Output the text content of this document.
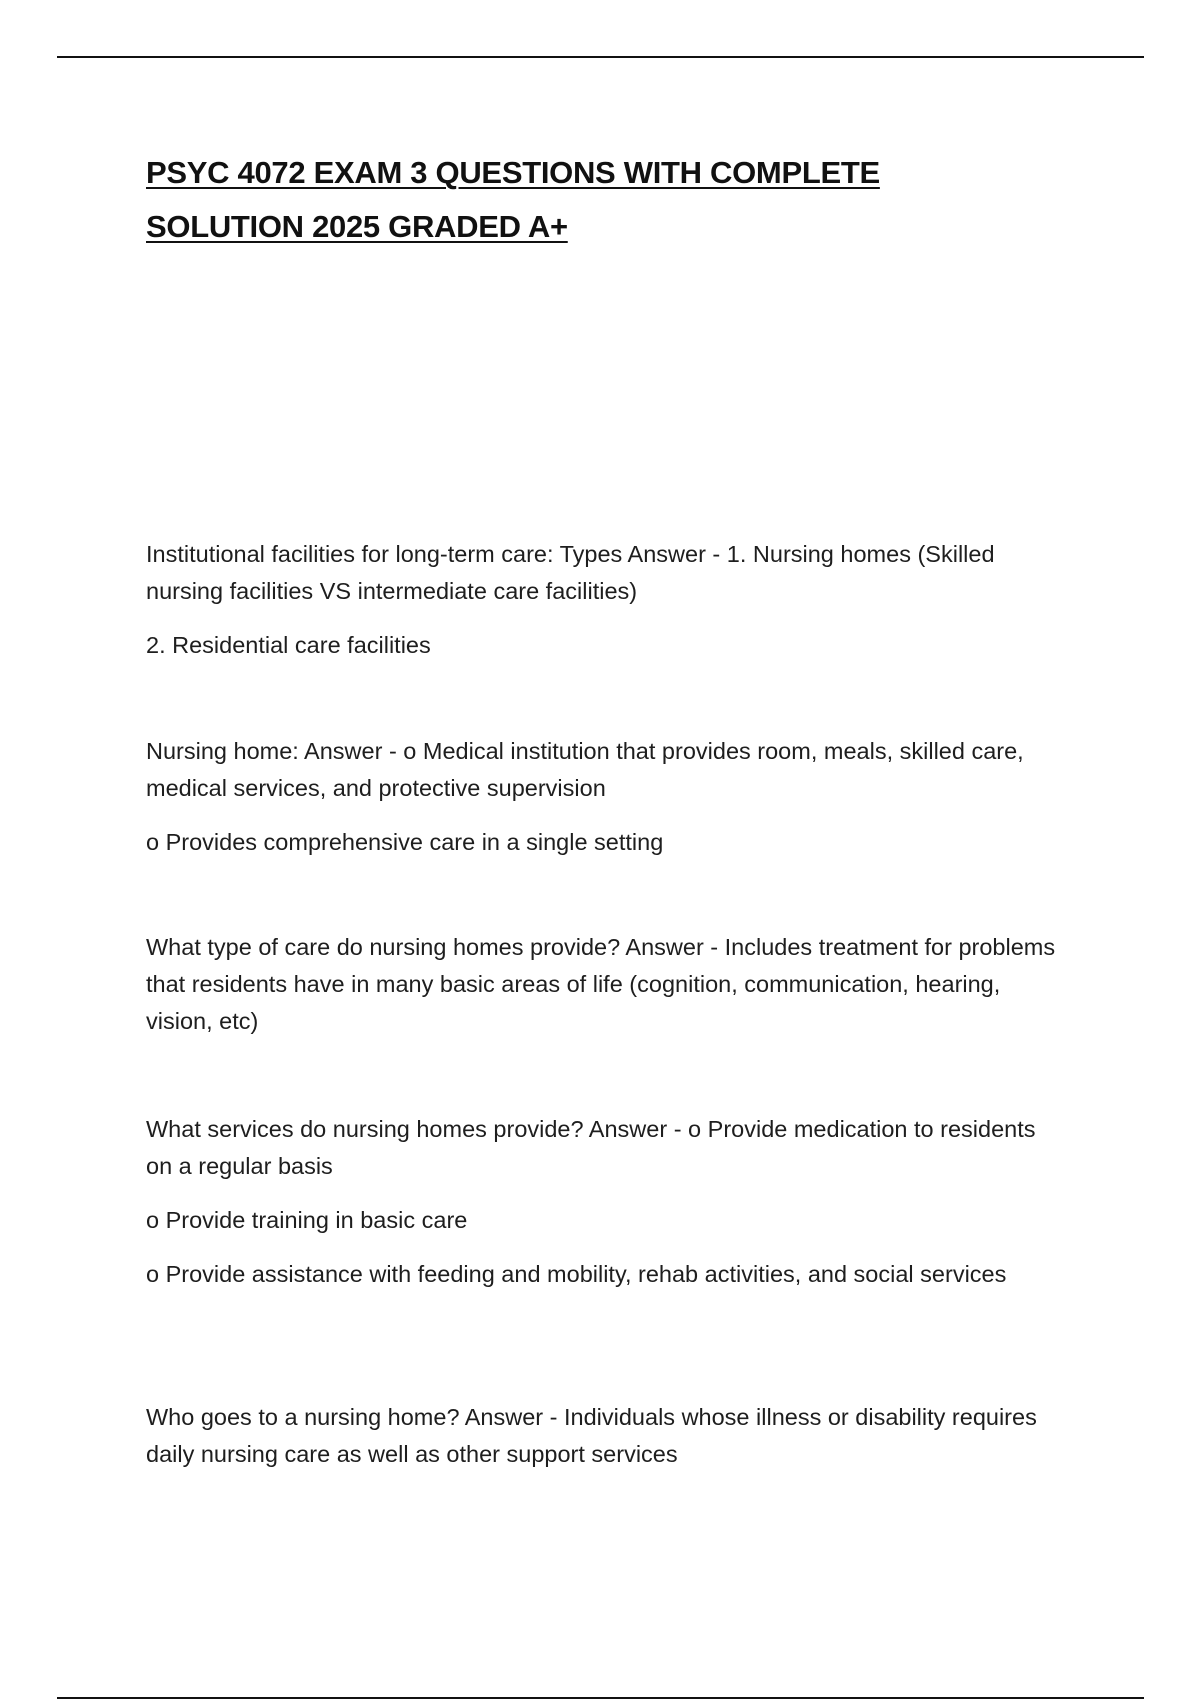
PSYC 4072 EXAM 3 QUESTIONS WITH COMPLETE
SOLUTION 2025 GRADED A+

Institutional facilities for long-term care: Types Answer - 1. Nursing homes (Skilled nursing facilities VS intermediate care facilities)

2. Residential care facilities

Nursing home: Answer - o Medical institution that provides room, meals, skilled care, medical services, and protective supervision

o Provides comprehensive care in a single setting

What type of care do nursing homes provide? Answer - Includes treatment for problems that residents have in many basic areas of life (cognition, communication, hearing, vision, etc)

What services do nursing homes provide? Answer - o Provide medication to residents on a regular basis

o Provide training in basic care

o Provide assistance with feeding and mobility, rehab activities, and social services

Who goes to a nursing home? Answer - Individuals whose illness or disability requires daily nursing care as well as other support services
